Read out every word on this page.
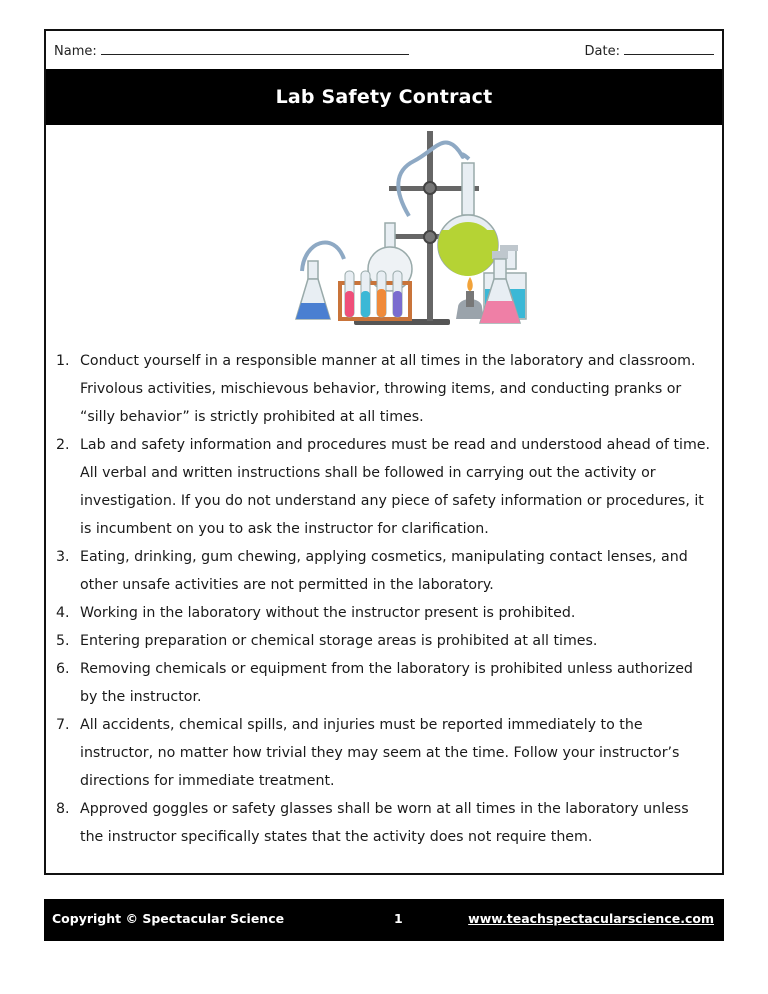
Name:	Date:
Lab Safety Contract
Conduct yourself in a responsible manner at all times in the laboratory and classroom. Frivolous activities, mischievous behavior, throwing items, and conducting pranks or “silly behavior” is strictly prohibited at all times.
Lab and safety information and procedures must be read and understood ahead of time. All verbal and written instructions shall be followed in carrying out the activity or investigation. If you do not understand any piece of safety information or procedures, it is incumbent on you to ask the instructor for clarification.
Eating, drinking, gum chewing, applying cosmetics, manipulating contact lenses, and other unsafe activities are not permitted in the laboratory.
Working in the laboratory without the instructor present is prohibited.
Entering preparation or chemical storage areas is prohibited at all times.
Removing chemicals or equipment from the laboratory is prohibited unless authorized by the instructor.
All accidents, chemical spills, and injuries must be reported immediately to the instructor, no matter how trivial they may seem at the time. Follow your instructor’s directions for immediate treatment.
Approved goggles or safety glasses shall be worn at all times in the laboratory unless the instructor specifically states that the activity does not require them.
Copyright © Spectacular Science	1	www.teachspectacularscience.com
